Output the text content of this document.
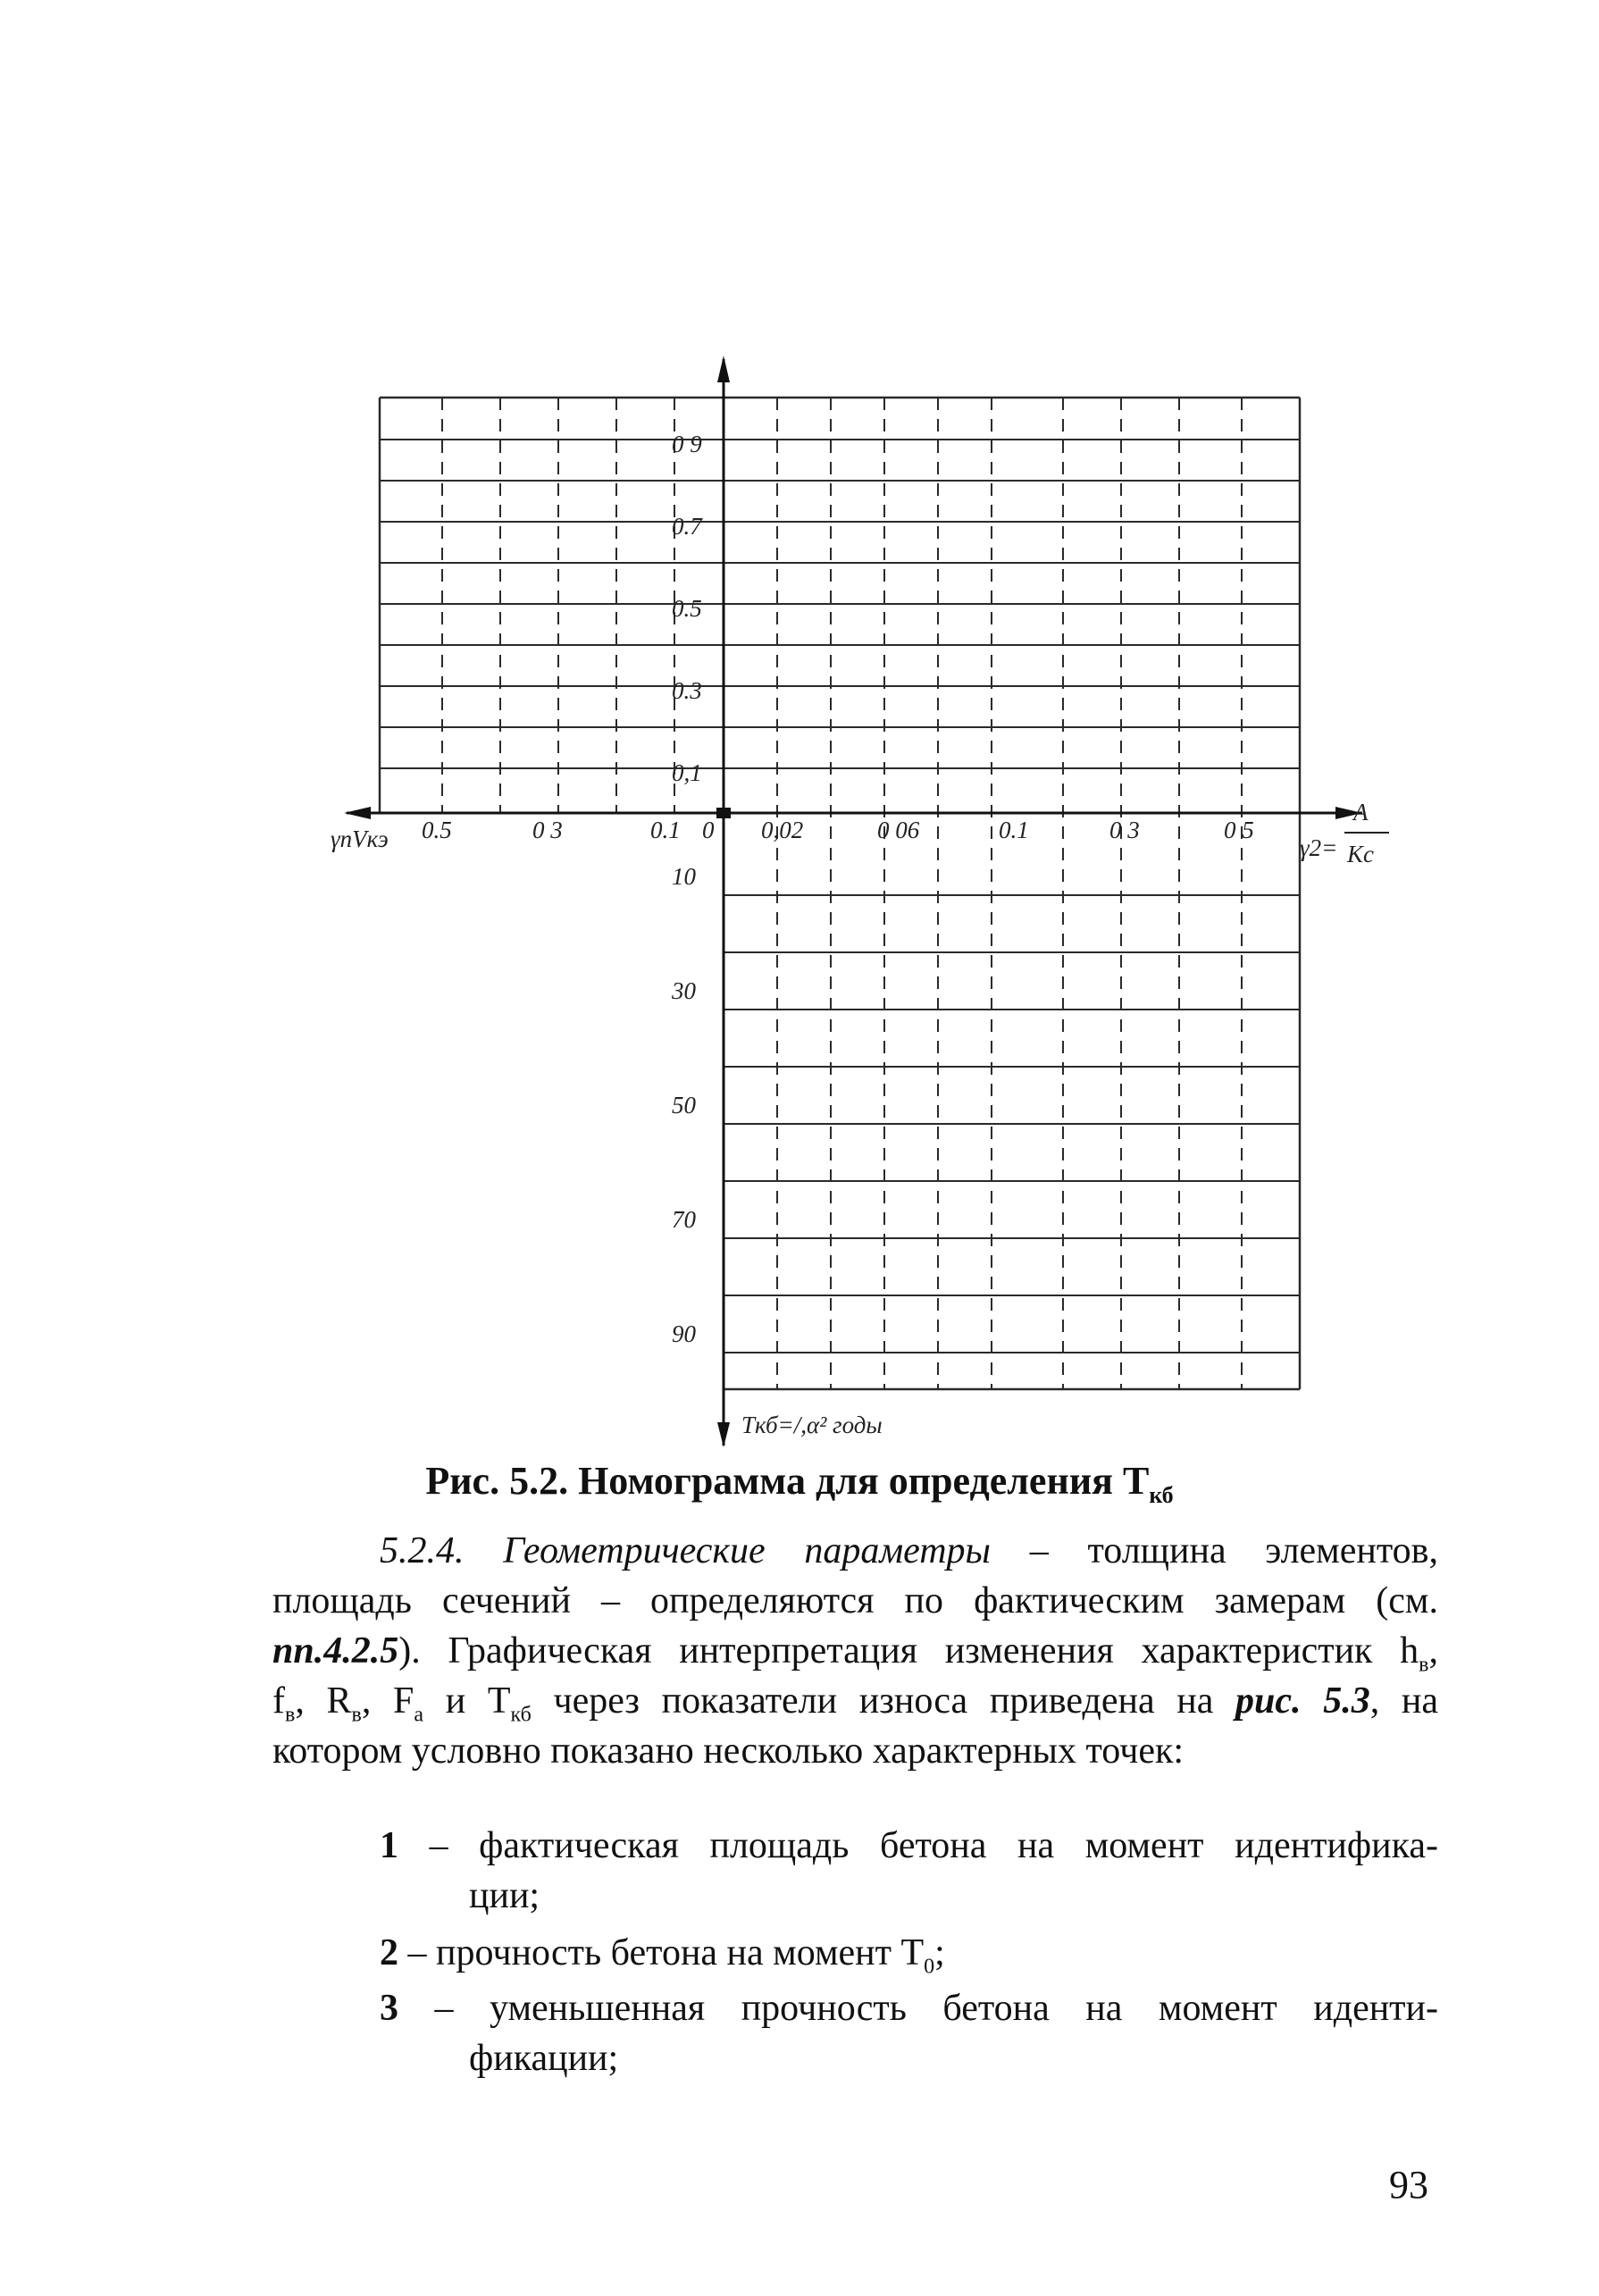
γnVкэ 0.5	0 3	0.1 0 0,02	0 06	0.1	0 3	0 5
γ2=
A
Kc
0 9
0.7
0.5
0.3
0,1
10
30
50
70
90
Tкб=/,α² годы
Рис. 5.2. Номограмма для определения $T_{кб}$
5.2.4. Геометрические параметры – толщина элементов,
площадь сечений – определяются по фактическим замерам (см.
пп.4.2.5). Графическая интерпретация изменения характеристик $h_в$,
$f_в$, $R_в$, $F_а$ и $T_{кб}$ через показатели износа приведена на рис. 5.3, на
котором условно показано несколько характерных точек:
1 – фактическая площадь бетона на момент идентифика-
ции;
2 – прочность бетона на момент $T_0$;
3 – уменьшенная прочность бетона на момент иденти-
фикации;
93
